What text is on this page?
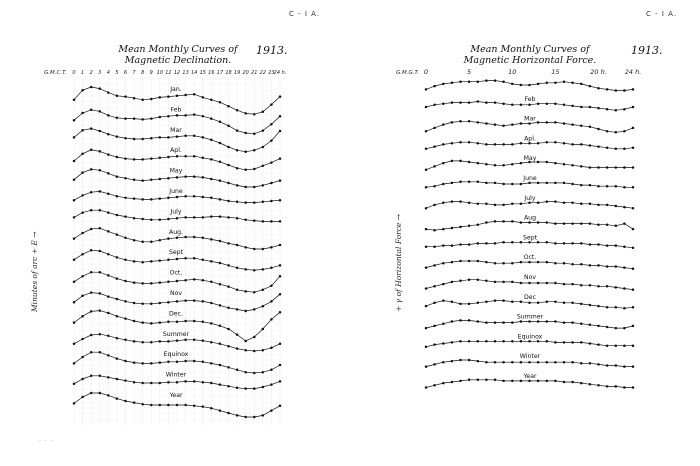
C - I A.	C - I A.
Mean Monthly Curves of
Magnetic Declination.
1913.	Mean Monthly Curves of
Magnetic Horizontal Force.
1913.
Minutes of arc + E →	+ γ of Horizontal Force →
— — —
G.M.C.T. 0 1 2 3 4 5 6 7 8 9 10 11 12 13 14 15 16 17 18 19 20 21 22 23 24 h.
Jan.
Feb
Mar
Apl.
May
June
July
Aug.
Sept
Oct.
Nov
Dec.
Summer
Equinox
Winter
Year
G.M.G.T. 0	5	10	15	20 h.	24 h.
Feb
Mar
Apl.
May
June
July
Aug
Sept
Oct.
Nov
Dec
Summer
Equinox
Winter
Year
